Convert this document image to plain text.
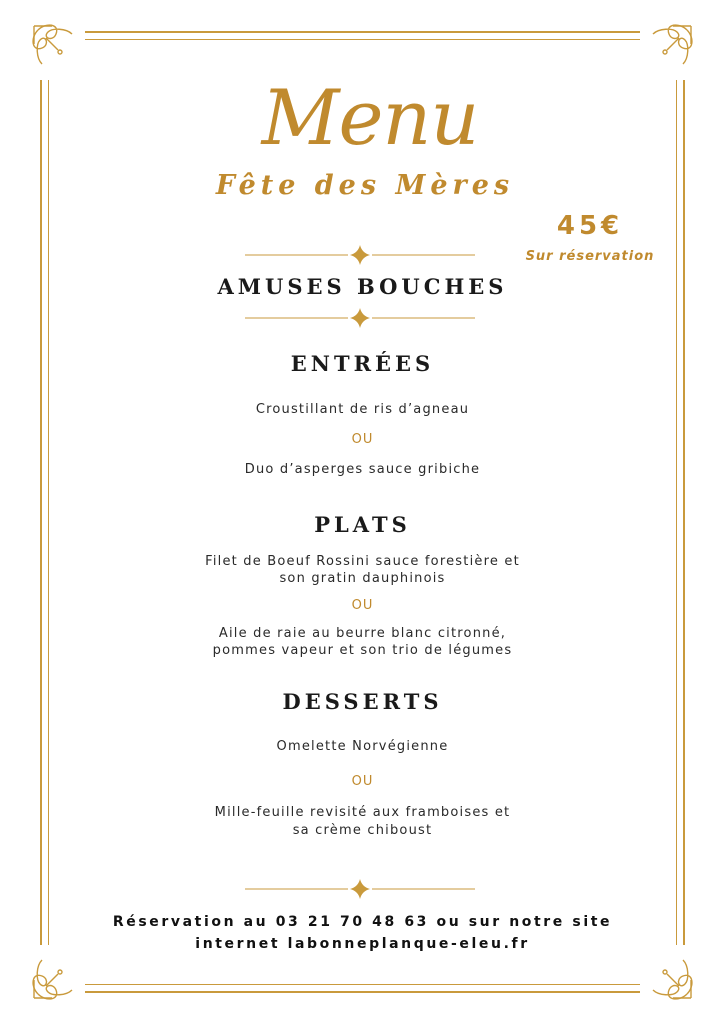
Menu
Fête des Mères
45€
Sur réservation
AMUSES BOUCHES
ENTRÉES
Croustillant de ris d’agneau
OU
Duo d’asperges sauce gribiche
PLATS
Filet de Boeuf Rossini sauce forestière et
son gratin dauphinois
OU
Aile de raie au beurre blanc citronné,
pommes vapeur et son trio de légumes
DESSERTS
Omelette Norvégienne
OU
Mille-feuille revisité aux framboises et
sa crème chiboust
Réservation au 03 21 70 48 63 ou sur notre site
internet labonneplanque-eleu.fr
